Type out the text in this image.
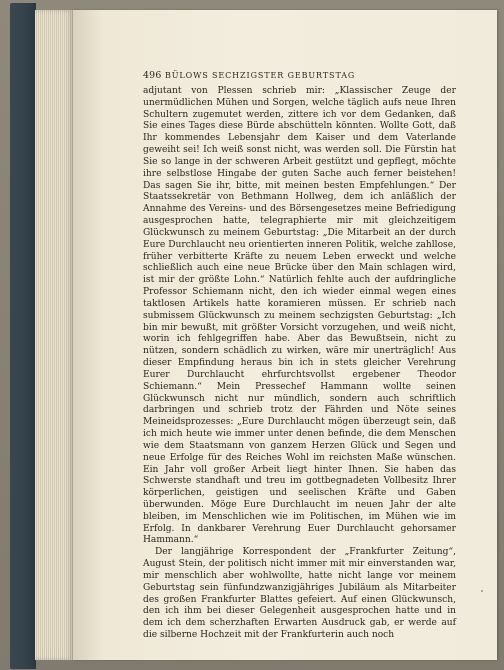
496 BÜLOWS SECHZIGSTER GEBURTSTAG

adjutant von Plessen schrieb mir: „Klassischer Zeuge der unermüdlichen Mühen und Sorgen, welche täglich aufs neue Ihren Schultern zugemutet werden, zittere ich vor dem Gedanken, daß Sie eines Tages diese Bürde abschütteln könnten. Wollte Gott, daß Ihr kommendes Lebensjahr dem Kaiser und dem Vaterlande geweiht sei! Ich weiß sonst nicht, was werden soll. Die Fürstin hat Sie so lange in der schweren Arbeit gestützt und gepflegt, möchte ihre selbstlose Hingabe der guten Sache auch ferner beistehen! Das sagen Sie ihr, bitte, mit meinen besten Empfehlungen.“ Der Staatssekretär von Bethmann Hollweg, dem ich anläßlich der Annahme des Vereins- und des Börsengesetzes meine Befriedigung ausgesprochen hatte, telegraphierte mir mit gleichzeitigem Glückwunsch zu meinem Geburtstag: „Die Mitarbeit an der durch Eure Durchlaucht neu orientierten inneren Politik, welche zahllose, früher verbitterte Kräfte zu neuem Leben erweckt und welche schließlich auch eine neue Brücke über den Main schlagen wird, ist mir der größte Lohn.“ Natürlich fehlte auch der aufdringliche Professor Schiemann nicht, den ich wieder einmal wegen eines taktlosen Artikels hatte koramieren müssen. Er schrieb nach submissem Glückwunsch zu meinem sechzigsten Geburtstag: „Ich bin mir bewußt, mit größter Vorsicht vorzugehen, und weiß nicht, worin ich fehlgegriffen habe. Aber das Bewußtsein, nicht zu nützen, sondern schädlich zu wirken, wäre mir unerträglich! Aus dieser Empfindung heraus bin ich in stets gleicher Verehrung Eurer Durchlaucht ehrfurchtsvollst ergebener Theodor Schiemann.“ Mein Pressechef Hammann wollte seinen Glückwunsch nicht nur mündlich, sondern auch schriftlich darbringen und schrieb trotz der Fährden und Nöte seines Meineidsprozesses: „Eure Durchlaucht mögen überzeugt sein, daß ich mich heute wie immer unter denen befinde, die dem Menschen wie dem Staatsmann von ganzem Herzen Glück und Segen und neue Erfolge für des Reiches Wohl im reichsten Maße wünschen. Ein Jahr voll großer Arbeit liegt hinter Ihnen. Sie haben das Schwerste standhaft und treu im gottbegnadeten Vollbesitz Ihrer körperlichen, geistigen und seelischen Kräfte und Gaben überwunden. Möge Eure Durchlaucht im neuen Jahr der alte bleiben, im Menschlichen wie im Politischen, im Mühen wie im Erfolg. In dankbarer Verehrung Euer Durchlaucht gehorsamer Hammann.“

Der langjährige Korrespondent der „Frankfurter Zeitung“, August Stein, der politisch nicht immer mit mir einverstanden war, mir menschlich aber wohlwollte, hatte nicht lange vor meinem Geburtstag sein fünfundzwanzigjähriges Jubiläum als Mitarbeiter des großen Frankfurter Blattes gefeiert. Auf einen Glückwunsch, den ich ihm bei dieser Gelegenheit ausgesprochen hatte und in dem ich dem scherzhaften Erwarten Ausdruck gab, er werde auf die silberne Hochzeit mit der Frankfurterin auch noch
